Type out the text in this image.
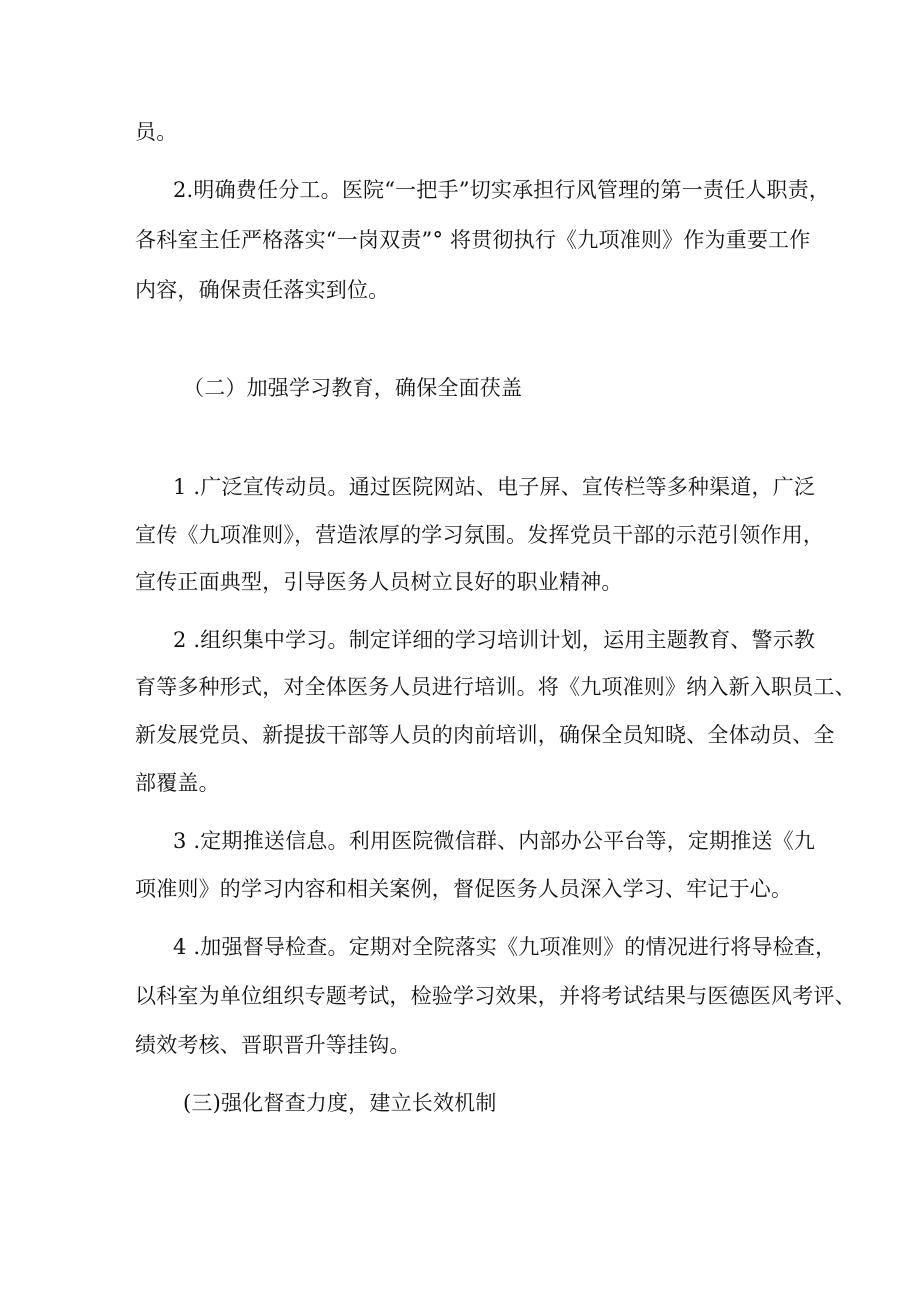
员。
2.明确费任分工。医院“一把手”切实承担行风管理的第一责任人职责，
各科室主任严格落实“一岗双责”° 将贯彻执行《九项准则》作为重要工作
内容，确保责任落实到位。
（二）加强学习教育，确保全面茯盖
1 .广泛宣传动员。通过医院网站、电子屏、宣传栏等多种渠道，广泛
宣传《九项准则》，营造浓厚的学习氛围。发挥党员干部的示范引领作用，
宣传正面典型，引导医务人员树立艮好的职业精神。
2 .组织集中学习。制定详细的学习培训计划，运用主题教育、警示教
育等多种形式，对全体医务人员进行培训。将《九项准则》纳入新入职员工、
新发展党员、新提拔干部等人员的肉前培训，确保全员知晓、全体动员、全
部覆盖。
3 .定期推送信息。利用医院微信群、内部办公平台等，定期推送《九
项准则》的学习内容和相关案例，督促医务人员深入学习、牢记于心。
4 .加强督导检查。定期对全院落实《九项准则》的情况进行将导检查，
以科室为单位组织专题考试，检验学习效果，并将考试结果与医德医风考评、
绩效考核、晋职晋升等挂钩。
(三)强化督查力度，建立长效机制
